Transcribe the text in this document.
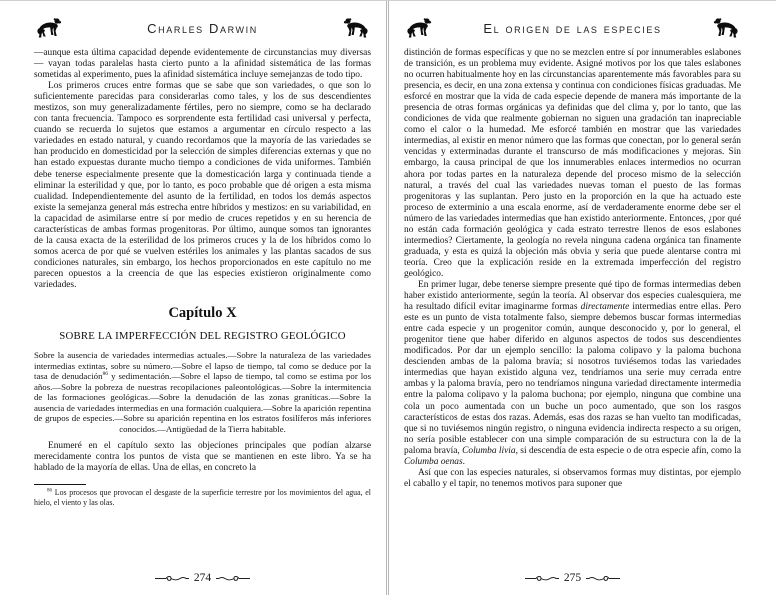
Charles Darwin

—aunque esta última capacidad depende evidentemente de circunstancias muy diversas— vayan todas paralelas hasta cierto punto a la afinidad sistemática de las formas sometidas al experimento, pues la afinidad sistemática incluye semejanzas de todo tipo.

Los primeros cruces entre formas que se sabe que son variedades, o que son lo suficientemente parecidas para considerarlas como tales, y los de sus descendientes mestizos, son muy generalizadamente fértiles, pero no siempre, como se ha declarado con tanta frecuencia. Tampoco es sorprendente esta fertilidad casi universal y perfecta, cuando se recuerda lo sujetos que estamos a argumentar en círculo respecto a las variedades en estado natural, y cuando recordamos que la mayoría de las variedades se han producido en domesticidad por la selección de simples diferencias externas y que no han estado expuestas durante mucho tiempo a condiciones de vida uniformes. También debe tenerse especialmente presente que la domesticación larga y continuada tiende a eliminar la esterilidad y que, por lo tanto, es poco probable que dé origen a esta misma cualidad. Independientemente del asunto de la fertilidad, en todos los demás aspectos existe la semejanza general más estrecha entre híbridos y mestizos: en su variabilidad, en la capacidad de asimilarse entre sí por medio de cruces repetidos y en su herencia de características de ambas formas progenitoras. Por último, aunque somos tan ignorantes de la causa exacta de la esterilidad de los primeros cruces y la de los híbridos como lo somos acerca de por qué se vuelven estériles los animales y las plantas sacados de sus condiciones naturales, sin embargo, los hechos proporcionados en este capítulo no me parecen opuestos a la creencia de que las especies existieron originalmente como variedades.

Capítulo X
SOBRE LA IMPERFECCIÓN DEL REGISTRO GEOLÓGICO

Sobre la ausencia de variedades intermedias actuales.—Sobre la naturaleza de las variedades intermedias extintas, sobre su número.—Sobre el lapso de tiempo, tal como se deduce por la tasa de denudación$^{86}$ y sedimentación.—Sobre el lapso de tiempo, tal como se estima por los años.—Sobre la pobreza de nuestras recopilaciones paleontológicas.—Sobre la intermitencia de las formaciones geológicas.—Sobre la denudación de las zonas graníticas.—Sobre la ausencia de variedades intermedias en una formación cualquiera.—Sobre la aparición repentina de grupos de especies.—Sobre su aparición repentina en los estratos fosilíferos más inferiores conocidos.—Antigüedad de la Tierra habitable.

Enumeré en el capítulo sexto las objeciones principales que podían alzarse merecidamente contra los puntos de vista que se mantienen en este libro. Ya se ha hablado de la mayoría de ellas. Una de ellas, en concreto la

$^{86}$ Los procesos que provocan el desgaste de la superficie terrestre por los movimientos del agua, el hielo, el viento y las olas.

274
El origen de las especies

distinción de formas específicas y que no se mezclen entre sí por innumerables eslabones de transición, es un problema muy evidente. Asigné motivos por los que tales eslabones no ocurren habitualmente hoy en las circunstancias aparentemente más favorables para su presencia, es decir, en una zona extensa y continua con condiciones físicas graduadas. Me esforcé en mostrar que la vida de cada especie depende de manera más importante de la presencia de otras formas orgánicas ya definidas que del clima y, por lo tanto, que las condiciones de vida que realmente gobiernan no siguen una gradación tan inapreciable como el calor o la humedad. Me esforcé también en mostrar que las variedades intermedias, al existir en menor número que las formas que conectan, por lo general serán vencidas y exterminadas durante el transcurso de más modificaciones y mejoras. Sin embargo, la causa principal de que los innumerables enlaces intermedios no ocurran ahora por todas partes en la naturaleza depende del proceso mismo de la selección natural, a través del cual las variedades nuevas toman el puesto de las formas progenitoras y las suplantan. Pero justo en la proporción en la que ha actuado este proceso de exterminio a una escala enorme, así de verdaderamente enorme debe ser el número de las variedades intermedias que han existido anteriormente. Entonces, ¿por qué no están cada formación geológica y cada estrato terrestre llenos de esos eslabones intermedios? Ciertamente, la geología no revela ninguna cadena orgánica tan finamente graduada, y esta es quizá la objeción más obvia y seria que puede alentarse contra mi teoría. Creo que la explicación reside en la extremada imperfección del registro geológico.

En primer lugar, debe tenerse siempre presente qué tipo de formas intermedias deben haber existido anteriormente, según la teoría. Al observar dos especies cualesquiera, me ha resultado difícil evitar imaginarme formas directamente intermedias entre ellas. Pero este es un punto de vista totalmente falso, siempre debemos buscar formas intermedias entre cada especie y un progenitor común, aunque desconocido y, por lo general, el progenitor tiene que haber diferido en algunos aspectos de todos sus descendientes modificados. Por dar un ejemplo sencillo: la paloma colipavo y la paloma buchona descienden ambas de la paloma bravía; si nosotros tuviésemos todas las variedades intermedias que hayan existido alguna vez, tendríamos una serie muy cerrada entre ambas y la paloma bravía, pero no tendríamos ninguna variedad directamente intermedia entre la paloma colipavo y la paloma buchona; por ejemplo, ninguna que combine una cola un poco aumentada con un buche un poco aumentado, que son los rasgos característicos de estas dos razas. Además, esas dos razas se han vuelto tan modificadas, que si no tuviésemos ningún registro, o ninguna evidencia indirecta respecto a su origen, no sería posible establecer con una simple comparación de su estructura con la de la paloma bravía, Columba livia, si descendía de esta especie o de otra especie afín, como la Columba oenas.

Así que con las especies naturales, si observamos formas muy distintas, por ejemplo el caballo y el tapir, no tenemos motivos para suponer que

275
